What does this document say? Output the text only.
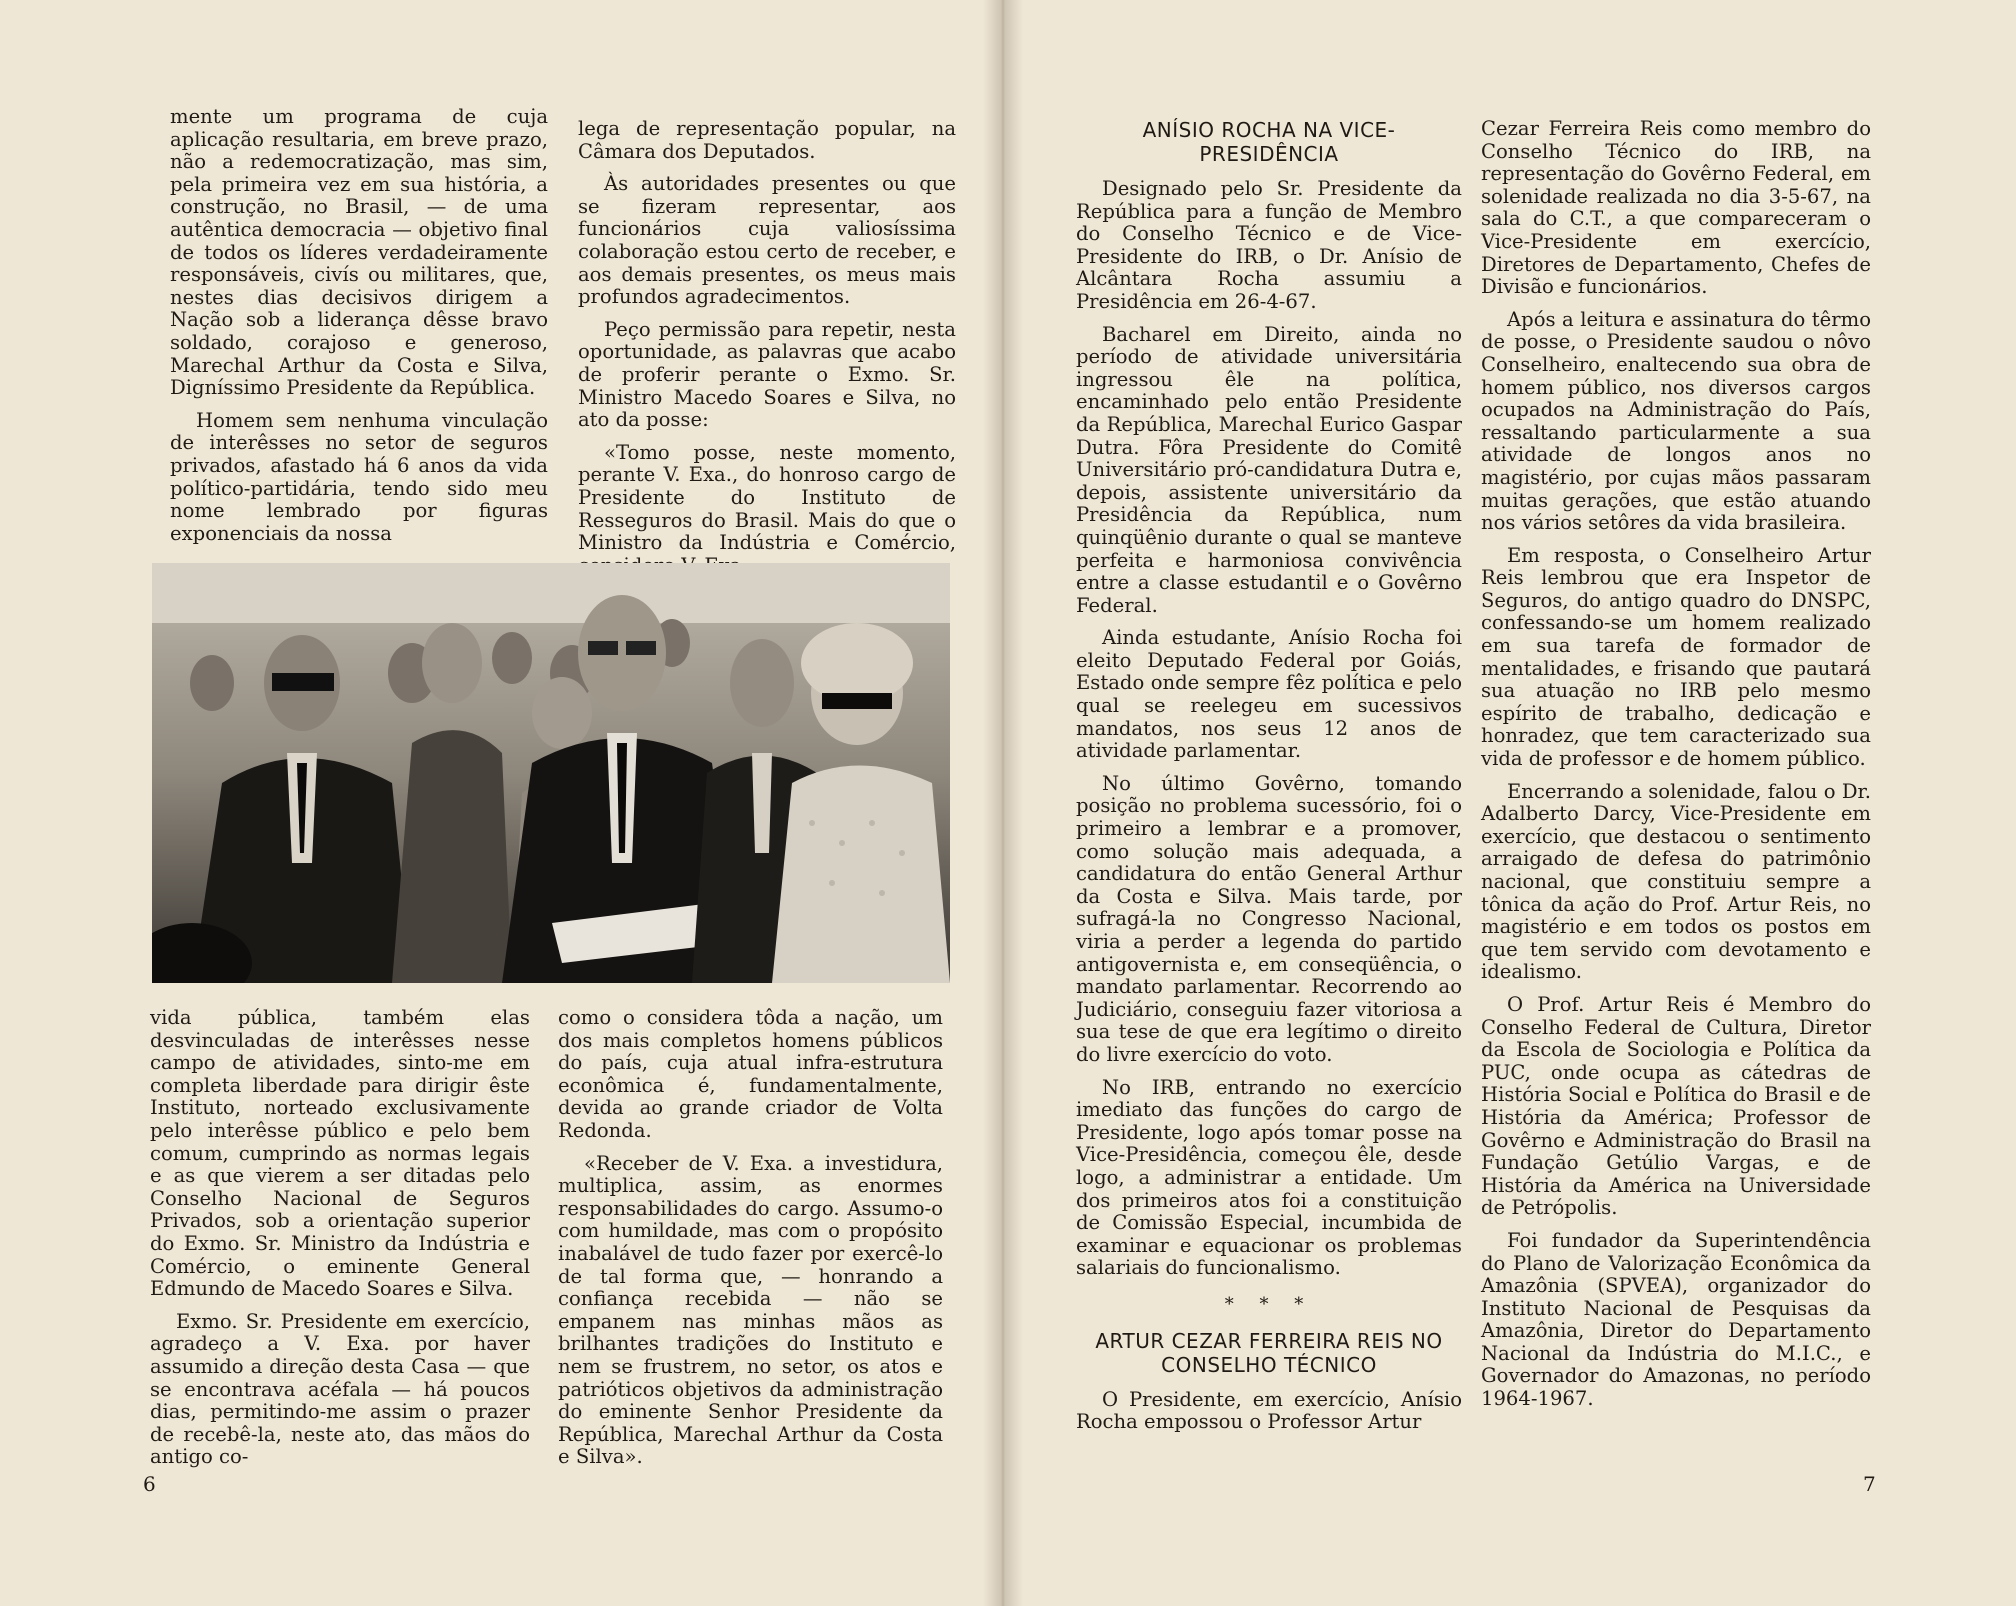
mente um programa de cuja aplicação resultaria, em breve prazo, não a redemocratização, mas sim, pela primeira vez em sua história, a construção, no Brasil, — de uma autêntica democracia — objetivo final de todos os líderes verdadeiramente responsáveis, civís ou militares, que, nestes dias decisivos dirigem a Nação sob a liderança dêsse bravo soldado, corajoso e generoso, Marechal Arthur da Costa e Silva, Digníssimo Presidente da República.

Homem sem nenhuma vinculação de interêsses no setor de seguros privados, afastado há 6 anos da vida político-partidária, tendo sido meu nome lembrado por figuras exponenciais da nossa

lega de representação popular, na Câmara dos Deputados.

Às autoridades presentes ou que se fizeram representar, aos funcionários cuja valiosíssima colaboração estou certo de receber, e aos demais presentes, os meus mais profundos agradecimentos.

Peço permissão para repetir, nesta oportunidade, as palavras que acabo de proferir perante o Exmo. Sr. Ministro Macedo Soares e Silva, no ato da posse:

«Tomo posse, neste momento, perante V. Exa., do honroso cargo de Presidente do Instituto de Resseguros do Brasil. Mais do que o Ministro da Indústria e Comércio,

vida pública, também elas desvinculadas de interêsses nesse campo de atividades, sinto-me em completa liberdade para dirigir êste Instituto, norteado exclusivamente pelo interêsse público e pelo bem comum, cumprindo as normas legais e as que vierem a ser ditadas pelo Conselho Nacional de Seguros Privados, sob a orientação superior do Exmo. Sr. Ministro da Indústria e Comércio, o eminente General Edmundo de Macedo Soares e Silva.

Exmo. Sr. Presidente em exercício, agradeço a V. Exa. por haver assumido a direção desta Casa — que se encontrava acéfala — há poucos dias, permitindo-me assim o prazer de recebê-la, neste ato, das mãos do antigo co-

como o considera tôda a nação, um dos mais completos homens públicos do país, cuja atual infra-estrutura econômica é, fundamentalmente, devida ao grande criador de Volta Redonda.

«Receber de V. Exa. a investidura, multiplica, assim, as enormes responsabilidades do cargo. Assumo-o com humildade, mas com o propósito inabalável de tudo fazer por exercê-lo de tal forma que, — honrando a confiança recebida — não se empanem nas minhas mãos as brilhantes tradições do Instituto e nem se frustrem, no setor, os atos e patrióticos objetivos da administração do eminente Senhor Presidente da República, Marechal Arthur da Costa e Silva».

6
ANÍSIO ROCHA NA VICE-PRESIDÊNCIA

Designado pelo Sr. Presidente da República para a função de Membro do Conselho Técnico e de Vice-Presidente do IRB, o Dr. Anísio de Alcântara Rocha assumiu a Presidência em 26-4-67.

Bacharel em Direito, ainda no período de atividade universitária ingressou êle na política, encaminhado pelo então Presidente da República, Marechal Eurico Gaspar Dutra. Fôra Presidente do Comitê Universitário pró-candidatura Dutra e, depois, assistente universitário da Presidência da República, num quinqüênio durante o qual se manteve perfeita e harmoniosa convivência entre a classe estudantil e o Govêrno Federal.

Ainda estudante, Anísio Rocha foi eleito Deputado Federal por Goiás, Estado onde sempre fêz política e pelo qual se reelegeu em sucessivos mandatos, nos seus 12 anos de atividade parlamentar.

No último Govêrno, tomando posição no problema sucessório, foi o primeiro a lembrar e a promover, como solução mais adequada, a candidatura do então General Arthur da Costa e Silva. Mais tarde, por sufragá-la no Congresso Nacional, viria a perder a legenda do partido antigovernista e, em conseqüência, o mandato parlamentar. Recorrendo ao Judiciário, conseguiu fazer vitoriosa a sua tese de que era legítimo o direito do livre exercício do voto.

No IRB, entrando no exercício imediato das funções do cargo de Presidente, logo após tomar posse na Vice-Presidência, começou êle, desde logo, a administrar a entidade. Um dos primeiros atos foi a constituição de Comissão Especial, incumbida de examinar e equacionar os problemas salariais do funcionalismo.

* * *
ARTUR CEZAR FERREIRA REIS NO CONSELHO TÉCNICO

O Presidente, em exercício, Anísio Rocha empossou o Professor Artur

Cezar Ferreira Reis como membro do Conselho Técnico do IRB, na representação do Govêrno Federal, em solenidade realizada no dia 3-5-67, na sala do C.T., a que compareceram o Vice-Presidente em exercício, Diretores de Departamento, Chefes de Divisão e funcionários.

Após a leitura e assinatura do têrmo de posse, o Presidente saudou o nôvo Conselheiro, enaltecendo sua obra de homem público, nos diversos cargos ocupados na Administração do País, ressaltando particularmente a sua atividade de longos anos no magistério, por cujas mãos passaram muitas gerações, que estão atuando nos vários setôres da vida brasileira.

Em resposta, o Conselheiro Artur Reis lembrou que era Inspetor de Seguros, do antigo quadro do DNSPC, confessando-se um homem realizado em sua tarefa de formador de mentalidades, e frisando que pautará sua atuação no IRB pelo mesmo espírito de trabalho, dedicação e honradez, que tem caracterizado sua vida de professor e de homem público.

Encerrando a solenidade, falou o Dr. Adalberto Darcy, Vice-Presidente em exercício, que destacou o sentimento arraigado de defesa do patrimônio nacional, que constituiu sempre a tônica da ação do Prof. Artur Reis, no magistério e em todos os postos em que tem servido com devotamento e idealismo.

O Prof. Artur Reis é Membro do Conselho Federal de Cultura, Diretor da Escola de Sociologia e Política da PUC, onde ocupa as cátedras de História Social e Política do Brasil e de História da América; Professor de Govêrno e Administração do Brasil na Fundação Getúlio Vargas, e de História da América na Universidade de Petrópolis.

Foi fundador da Superintendência do Plano de Valorização Econômica da Amazônia (SPVEA), organizador do Instituto Nacional de Pesquisas da Amazônia, Diretor do Departamento Nacional da Indústria do M.I.C., e Governador do Amazonas, no período 1964-1967.

7
